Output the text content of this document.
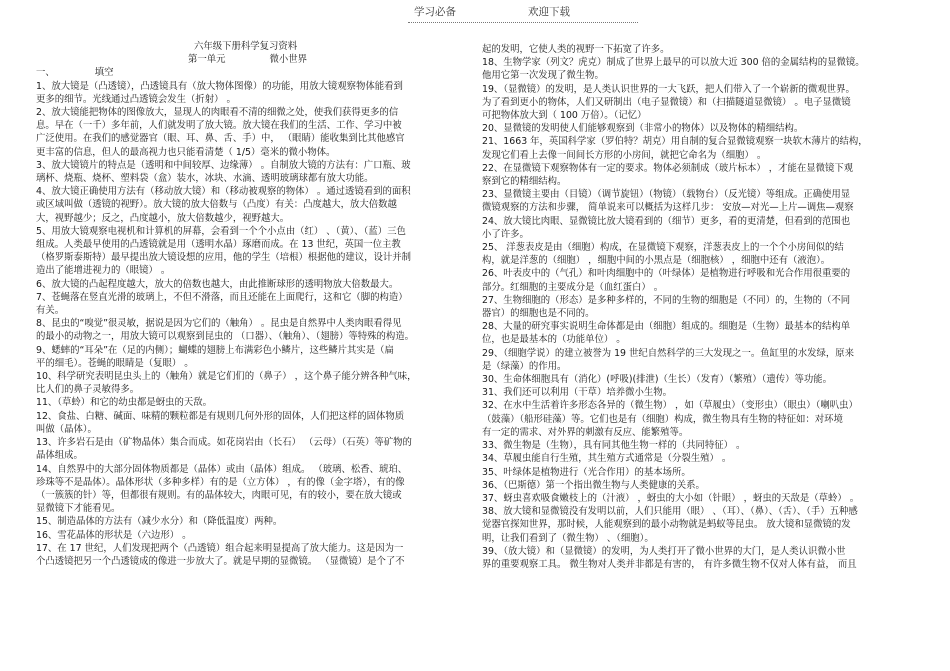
学习必备	欢迎下载

六年级下册科学复习资料

第一单元	微小世界

一、	填空

1、放大镜是（凸透镜），凸透镜具有（放大物体图像）的功能，用放大镜观察物体能看到

更多的细节。光线通过凸透镜会发生（折射） 。

2、放大镜能把物体的图像放大，显现人的肉眼看不清的细微之处，使我们获得更多的信

息。早在（一千）多年前，人们就发明了放大镜。放大镜在我们的生活、工作、学习中被

广泛使用。在我们的感觉器官（眼、耳、鼻、舌、手）中， （眼睛）能收集到比其他感官

更丰富的信息，但人的最高视力也只能看清楚（ 1/5）毫米的微小物体。

3、放大镜镜片的特点是（透明和中间较厚、边缘薄） 。自制放大镜的方法有：广口瓶、玻

璃杯、烧瓶、烧杯、塑料袋（盒）装水，冰块、水滴、透明玻璃球都有放大功能。

4、放大镜正确使用方法有（移动放大镜）和（移动被观察的物体） 。通过透镜看到的面积

或区域叫做（透镜的视野）。放大镜的放大倍数与（凸度）有关：凸度越大，放大倍数越

大，视野越少；反之，凸度越小，放大倍数越少，视野越大。

5、用放大镜观察电视机和计算机的屏幕，会看到一个个小点由（红） 、（黄）、（蓝）三色

组成。人类最早使用的凸透镜就是用（透明水晶）琢磨而成。在 13 世纪，英国一位主教

（格罗斯泰斯特）最早提出放大镜设想的应用，他的学生（培根）根据他的建议，设计并制

造出了能增进视力的（眼镜） 。

6、放大镜的凸起程度越大，放大的倍数也越大，由此推断球形的透明物放大倍数最大。

7、苍蝇落在竖直光滑的玻璃上，不但不滑落，而且还能在上面爬行，这和它（脚的构造）

有关。

8、昆虫的“嗅觉”很灵敏，据说是因为它们的（触角） 。昆虫是自然界中人类肉眼看得见

的最小的动物之一，用放大镜可以观察到昆虫的 （口器）、（触角）、（翅膀）等特殊的构造。

9、蟋蟀的“耳朵”在（足的内侧）；蝴蝶的翅膀上布满彩色小鳞片，这些鳞片其实是（扁

平的细毛）。苍蝇的眼睛是（复眼） 。

10、科学研究表明昆虫头上的（触角）就是它们们的（鼻子） ，这个鼻子能分辨各种气味，

比人们的鼻子灵敏得多。

11、（草蛉）和它的幼虫都是蚜虫的天敌。

12、食盐、白糖、碱面、味精的颗粒都是有规则几何外形的固体，人们把这样的固体物质

叫做（晶体）。

13、许多岩石是由（矿物晶体）集合而成。如花岗岩由（长石） （云母）（石英）等矿物的

晶体组成。

14、自然界中的大部分固体物质都是（晶体）或由（晶体）组成。 （玻璃、松香、琥珀、

珍珠等不是晶体）。晶体形状（多种多样）有的是（立方体） ，有的像（金字塔），有的像

（一簇簇的针）等，但都很有规则。有的晶体较大，肉眼可见，有的较小，要在放大镜或

显微镜下才能看见。

15、制造晶体的方法有（减少水分）和（降低温度）两种。

16、雪花晶体的形状是（六边形） 。

17、在 17 世纪，人们发现把两个（凸透镜）组合起来明显提高了放大能力。这是因为一

个凸透镜把另一个凸透镜成的像进一步放大了。就是早期的显微镜。 （显微镜）是个了不

起的发明，它使人类的视野一下拓宽了许多。

18、生物学家（列文？虎克）制成了世界上最早的可以放大近 300 倍的金属结构的显微镜。

他用它第一次发现了微生物。

19、（显微镜）的发明，是人类认识世界的一大飞跃，把人们带入了一个崭新的微观世界。

为了看到更小的物体，人们又研制出（电子显微镜）和（扫描隧道显微镜） 。电子显微镜

可把物体放大到（ 100 万倍）。（记忆）

20、显微镜的发明使人们能够观察到（非常小的物体）以及物体的精细结构。

21、1663 年，英国科学家（罗伯特？胡克）用自制的复合显微镜观察一块软木薄片的结构，

发现它们看上去像一间间长方形的小房间，就把它命名为（细胞） 。

22、在显微镜下观察物体有一定的要求。物体必须制成（玻片标本） ，才能在显微镜下观

察到它的精细结构。

23、显微镜主要由（目镜）（调节旋钮）（物镜）（载物台）（反光镜）等组成。正确使用显

微镜观察的方法和步骤， 简单说来可以概括为这样几步： 安放—对光—上片—调焦—观察

24、放大镜比肉眼、显微镜比放大镜看到的（细节）更多，看的更清楚，但看到的范围也

小了许多。

25、 洋葱表皮是由（细胞）构成，在显微镜下观察，洋葱表皮上的一个个小房间似的结

构，就是洋葱的（细胞） ，细胞中间的小黑点是（细胞核） ，细胞中还有（液泡）。

26、叶表皮中的（气孔）和叶肉细胞中的（叶绿体）是植物进行呼吸和光合作用很重要的

部分。红细胞的主要成分是（血红蛋白） 。

27、生物细胞的（形态）是多种多样的，不同的生物的细胞是（不同）的，生物的（不同

器官）的细胞也是不同的。

28、大量的研究事实说明生命体都是由（细胞）组成的。细胞是（生物）最基本的结构单

位，也是最基本的（功能单位） 。

29、（细胞学说）的建立被誉为 19 世纪自然科学的三大发现之一。鱼缸里的水发绿，原来

是（绿藻）的作用。

30、生命体细胞具有（消化）(呼吸)(排泄)（生长）（发育）（繁殖）（遗传）等功能。

31、我们还可以利用（干草）培养微小生物。

32、在水中生活着许多形态各异的（微生物） ，如（草履虫）（变形虫）（眼虫）（喇叭虫）

（鼓藻）（船形硅藻）等。它们也是有（细胞）构成，微生物具有生物的特征如：对环境

有一定的需求、对外界的刺激有反应、能繁殖等。

33、微生物是（生物），具有同其他生物一样的（共同特征） 。

34、草履虫能自行生殖，其生殖方式通常是（分裂生殖） 。

35、叶绿体是植物进行（光合作用）的基本场所。

36、（巴斯德）第一个指出微生物与人类健康的关系。

37、蚜虫喜欢吸食嫩枝上的（汁液） ，蚜虫的大小如（针眼） ，蚜虫的天敌是（草蛉） 。

38、放大镜和显微镜没有发明以前，人们只能用（眼） 、（耳）、（鼻）、（舌）、（手）五种感

觉器官探知世界，那时候，人能观察到的最小动物就是蚂蚁等昆虫。 放大镜和显微镜的发

明，让我们看到了（微生物） 、（细胞）。

39、（放大镜）和（显微镜）的发明，为人类打开了微小世界的大门，是人类认识微小世

界的重要观察工具。 微生物对人类并非都是有害的， 有许多微生物不仅对人体有益， 而且
